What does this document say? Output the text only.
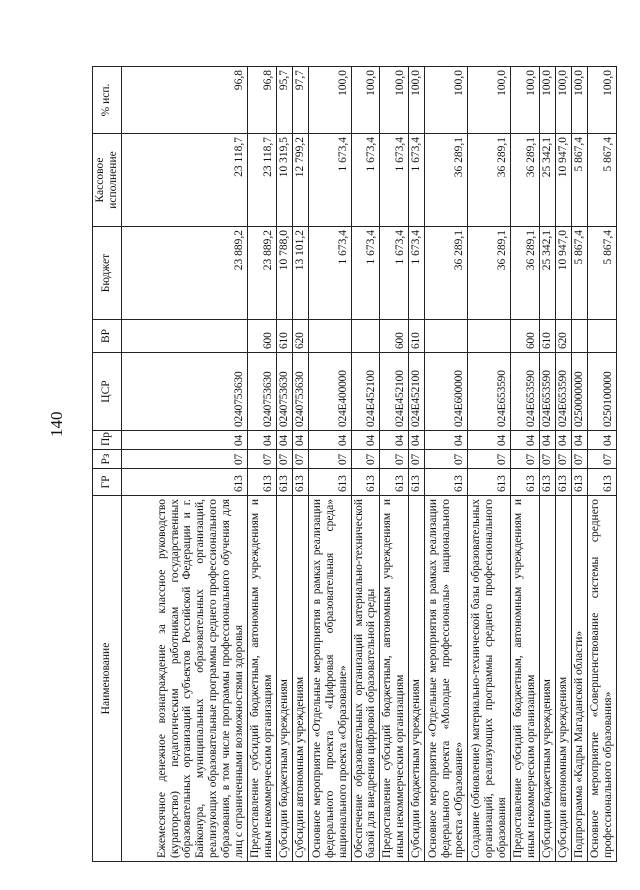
140
Наименование	ГР	Рз	Пр	ЦСР	ВР	Бюджет	Кассовое исполнение	% исп.
Ежемесячное денежное вознаграждение за классное руководство (кураторство) педагогическим работникам государственных образовательных организаций субъектов Российской Федерации и г. Байконура, муниципальных образовательных организаций, реализующих образовательные программы среднего профессионального образования, в том числе программы профессионального обучения для лиц с ограниченными возможностями здоровья	613	07	04	0240753630		23 889,2	23 118,7	96,8
Предоставление субсидий бюджетным, автономным учреждениям и иным некоммерческим организациям	613	07	04	0240753630	600	23 889,2	23 118,7	96,8
Субсидии бюджетным учреждениям	613	07	04	0240753630	610	10 788,0	10 319,5	95,7
Субсидии автономным учреждениям	613	07	04	0240753630	620	13 101,2	12 799,2	97,7
Основное мероприятие «Отдельные мероприятия в рамках реализации федерального проекта «Цифровая образовательная среда» национального проекта «Образование»	613	07	04	024E400000		1 673,4	1 673,4	100,0
Обеспечение образовательных организаций материально-технической базой для внедрения цифровой образовательной среды	613	07	04	024E452100		1 673,4	1 673,4	100,0
Предоставление субсидий бюджетным, автономным учреждениям и иным некоммерческим организациям	613	07	04	024E452100	600	1 673,4	1 673,4	100,0
Субсидии бюджетным учреждениям	613	07	04	024E452100	610	1 673,4	1 673,4	100,0
Основное мероприятие «Отдельные мероприятия в рамках реализации федерального проекта «Молодые профессионалы» национального проекта «Образование»	613	07	04	024E600000		36 289,1	36 289,1	100,0
Создание (обновление) материально-технической базы образовательных организаций, реализующих программы среднего профессионального образования	613	07	04	024E653590		36 289,1	36 289,1	100,0
Предоставление субсидий бюджетным, автономным учреждениям и иным некоммерческим организациям	613	07	04	024E653590	600	36 289,1	36 289,1	100,0
Субсидии бюджетным учреждениям	613	07	04	024E653590	610	25 342,1	25 342,1	100,0
Субсидии автономным учреждениям	613	07	04	024E653590	620	10 947,0	10 947,0	100,0
Подпрограмма «Кадры Магаданской области»	613	07	04	0250000000		5 867,4	5 867,4	100,0
Основное мероприятие «Совершенствование системы среднего профессионального образования»	613	07	04	0250100000		5 867,4	5 867,4	100,0
